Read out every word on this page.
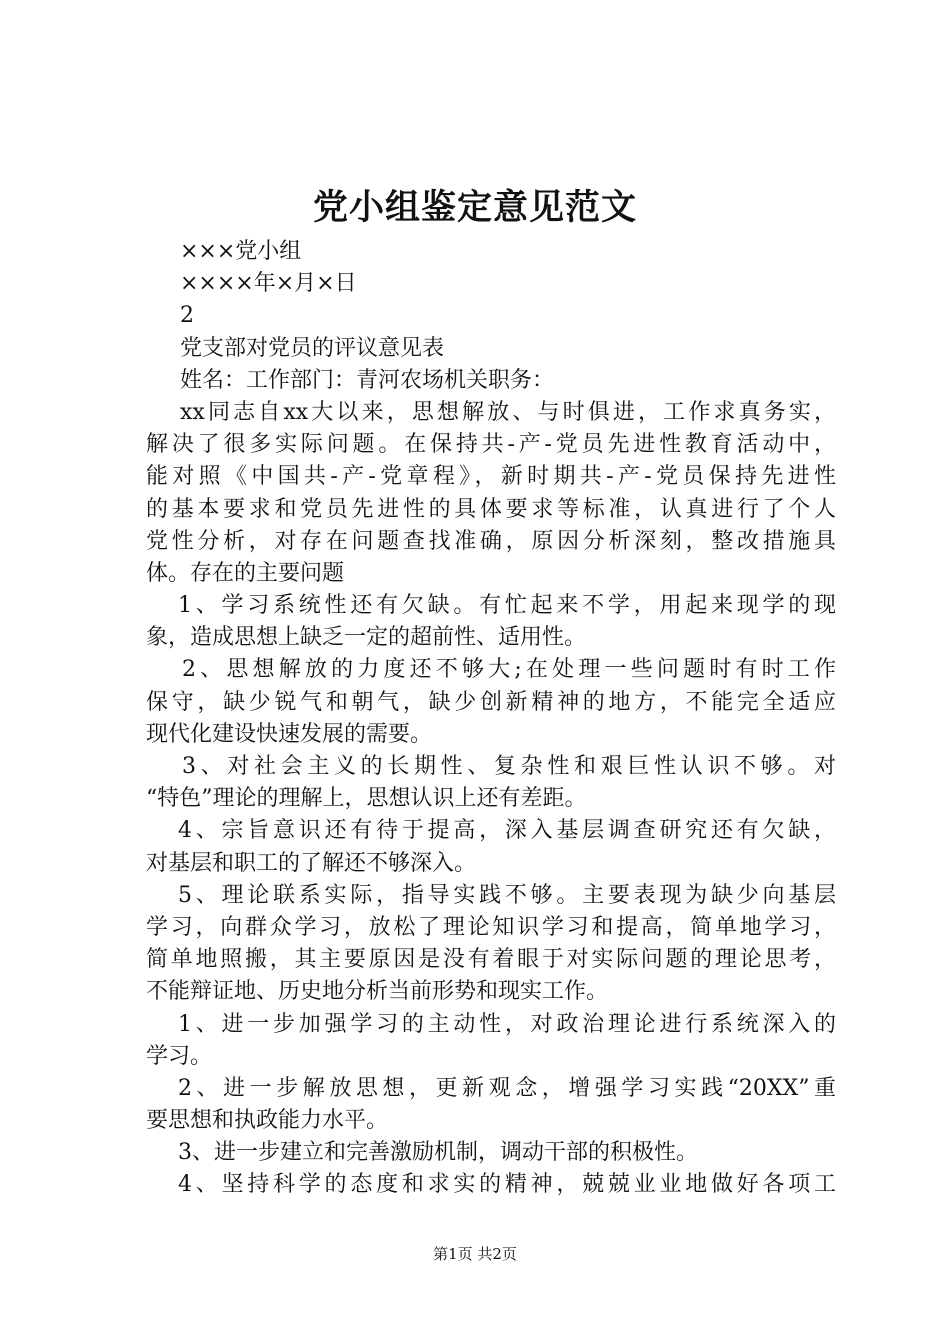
党小组鉴定意见范文
×××党小组
××××年×月×日
2
党支部对党员的评议意见表
姓名：工作部门：青河农场机关职务：
xx同志自xx大以来，思想解放、与时俱进，工作求真务实，
解决了很多实际问题。在保持共-产-党员先进性教育活动中，
能对照《中国共-产-党章程》，新时期共-产-党员保持先进性
的基本要求和党员先进性的具体要求等标准，认真进行了个人
党性分析，对存在问题查找准确，原因分析深刻，整改措施具
体。存在的主要问题
1、学习系统性还有欠缺。有忙起来不学，用起来现学的现
象，造成思想上缺乏一定的超前性、适用性。
2、思想解放的力度还不够大;在处理一些问题时有时工作
保守，缺少锐气和朝气，缺少创新精神的地方，不能完全适应
现代化建设快速发展的需要。
3、对社会主义的长期性、复杂性和艰巨性认识不够。对
“特色”理论的理解上，思想认识上还有差距。
4、宗旨意识还有待于提高，深入基层调查研究还有欠缺，
对基层和职工的了解还不够深入。
5、理论联系实际，指导实践不够。主要表现为缺少向基层
学习，向群众学习，放松了理论知识学习和提高，简单地学习，
简单地照搬，其主要原因是没有着眼于对实际问题的理论思考，
不能辩证地、历史地分析当前形势和现实工作。
1、进一步加强学习的主动性，对政治理论进行系统深入的
学习。
2、进一步解放思想，更新观念，增强学习实践“20XX”重
要思想和执政能力水平。
3、进一步建立和完善激励机制，调动干部的积极性。
4、坚持科学的态度和求实的精神，兢兢业业地做好各项工
第1页 共2页
